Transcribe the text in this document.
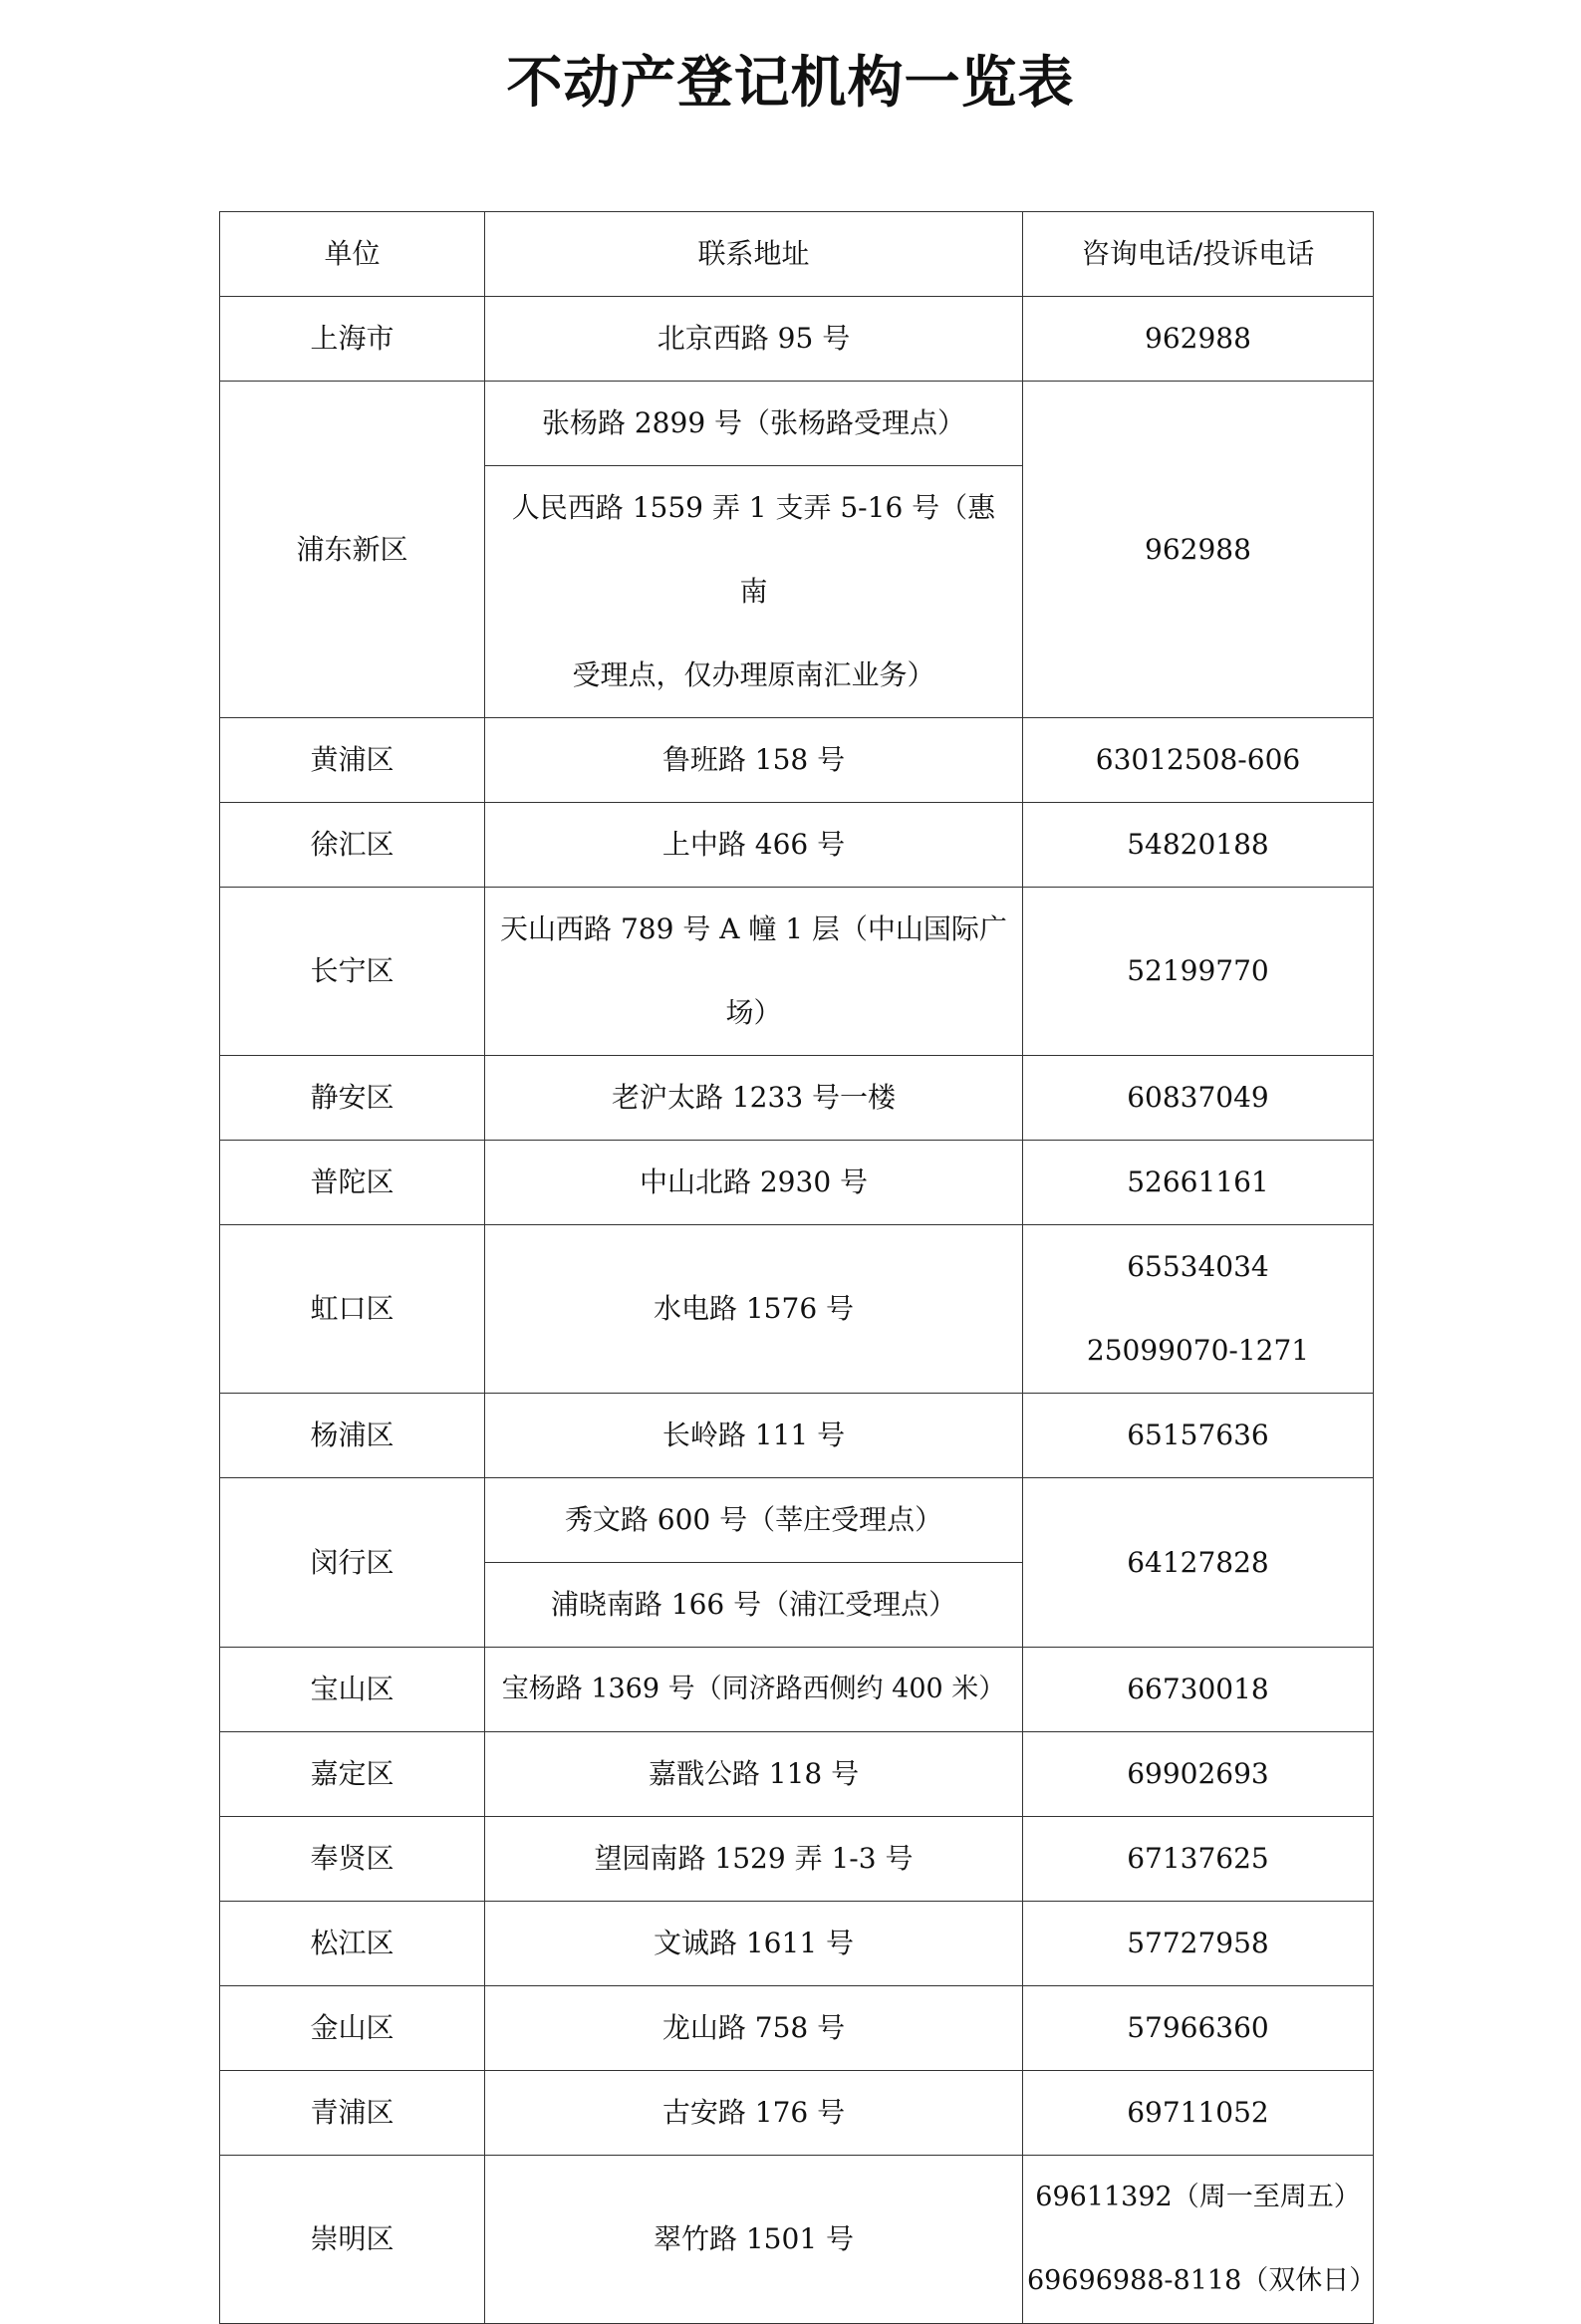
不动产登记机构一览表
单位	联系地址	咨询电话/投诉电话
上海市	北京西路 95 号	962988
浦东新区	张杨路 2899 号（张杨路受理点）	962988

	人民西路 1559 弄 1 支弄 5-16 号（惠南
受理点，仅办理原南汇业务）	

黄浦区	鲁班路 158 号	63012508-606
徐汇区	上中路 466 号	54820188
长宁区	天山西路 789 号 A 幢 1 层（中山国际广
场）	52199770
静安区	老沪太路 1233 号一楼	60837049
普陀区	中山北路 2930 号	52661161
虹口区	水电路 1576 号	65534034
25099070-1271

杨浦区	长岭路 111 号	65157636
闵行区	秀文路 600 号（莘庄受理点）	64127828
	浦晓南路 166 号（浦江受理点）	
宝山区	宝杨路 1369 号（同济路西侧约 400 米）	66730018
嘉定区	嘉戬公路 118 号	69902693
奉贤区	望园南路 1529 弄 1-3 号	67137625
松江区	文诚路 1611 号	57727958
金山区	龙山路 758 号	57966360
青浦区	古安路 176 号	69711052
崇明区	翠竹路 1501 号	69611392（周一至周五）
69696988-8118（双休日）
